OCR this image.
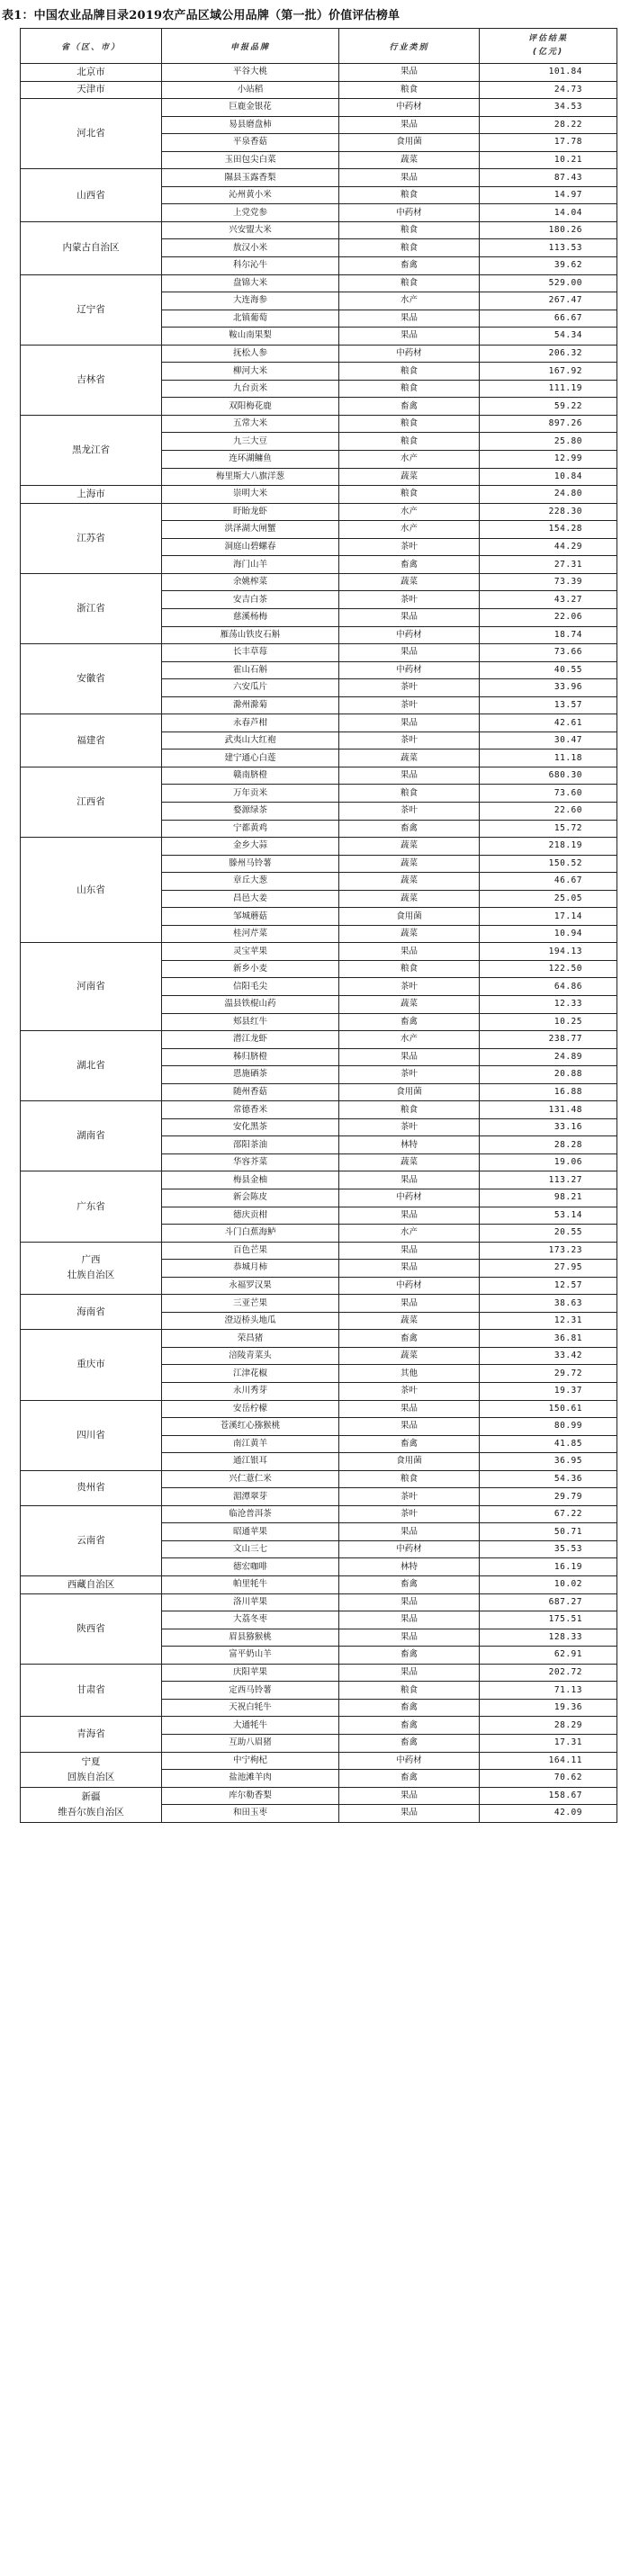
表1：中国农业品牌目录2019农产品区域公用品牌（第一批）价值评估榜单
省（区、市）	申报品牌	行业类别	评估结果
(亿元)

北京市	平谷大桃	果品	101.84

天津市	小站稻	粮食	24.73

河北省	巨鹿金银花	中药材	34.53
	易县磨盘柿	果品	28.22
	平泉香菇	食用菌	17.78
	玉田包尖白菜	蔬菜	10.21

山西省	隰县玉露香梨	果品	87.43
	沁州黄小米	粮食	14.97
	上党党参	中药材	14.04

内蒙古自治区	兴安盟大米	粮食	180.26
	敖汉小米	粮食	113.53
	科尔沁牛	畜禽	39.62

辽宁省	盘锦大米	粮食	529.00
	大连海参	水产	267.47
	北镇葡萄	果品	66.67
	鞍山南果梨	果品	54.34

吉林省	抚松人参	中药材	206.32
	柳河大米	粮食	167.92
	九台贡米	粮食	111.19
	双阳梅花鹿	畜禽	59.22

黑龙江省	五常大米	粮食	897.26
	九三大豆	粮食	25.80
	连环湖鳙鱼	水产	12.99
	梅里斯大八旗洋葱	蔬菜	10.84

上海市	崇明大米	粮食	24.80

江苏省	盱眙龙虾	水产	228.30
	洪泽湖大闸蟹	水产	154.28
	洞庭山碧螺春	茶叶	44.29
	海门山羊	畜禽	27.31

浙江省	余姚榨菜	蔬菜	73.39
	安吉白茶	茶叶	43.27
	慈溪杨梅	果品	22.06
	雁荡山铁皮石斛	中药材	18.74

安徽省	长丰草莓	果品	73.66
	霍山石斛	中药材	40.55
	六安瓜片	茶叶	33.96
	滁州滁菊	茶叶	13.57

福建省	永春芦柑	果品	42.61
	武夷山大红袍	茶叶	30.47
	建宁通心白莲	蔬菜	11.18

江西省	赣南脐橙	果品	680.30
	万年贡米	粮食	73.60
	婺源绿茶	茶叶	22.60
	宁都黄鸡	畜禽	15.72

山东省	金乡大蒜	蔬菜	218.19
	滕州马铃薯	蔬菜	150.52
	章丘大葱	蔬菜	46.67
	昌邑大姜	蔬菜	25.05
	邹城蘑菇	食用菌	17.14
	桂河芹菜	蔬菜	10.94

河南省	灵宝苹果	果品	194.13
	新乡小麦	粮食	122.50
	信阳毛尖	茶叶	64.86
	温县铁棍山药	蔬菜	12.33
	郏县红牛	畜禽	10.25

湖北省	潜江龙虾	水产	238.77
	秭归脐橙	果品	24.89
	恩施硒茶	茶叶	20.88
	随州香菇	食用菌	16.88

湖南省	常德香米	粮食	131.48
	安化黑茶	茶叶	33.16
	邵阳茶油	林特	28.28
	华容芥菜	蔬菜	19.06

广东省	梅县金柚	果品	113.27
	新会陈皮	中药材	98.21
	德庆贡柑	果品	53.14
	斗门白蕉海鲈	水产	20.55

广西
壮族自治区	百色芒果	果品	173.23
	恭城月柿	果品	27.95
	永福罗汉果	中药材	12.57

海南省	三亚芒果	果品	38.63
	澄迈桥头地瓜	蔬菜	12.31

重庆市	荣昌猪	畜禽	36.81
	涪陵青菜头	蔬菜	33.42
	江津花椒	其他	29.72
	永川秀芽	茶叶	19.37

四川省	安岳柠檬	果品	150.61
	苍溪红心猕猴桃	果品	80.99
	南江黄羊	畜禽	41.85
	通江银耳	食用菌	36.95

贵州省	兴仁薏仁米	粮食	54.36
	湄潭翠芽	茶叶	29.79

云南省	临沧普洱茶	茶叶	67.22
	昭通苹果	果品	50.71
	文山三七	中药材	35.53
	德宏咖啡	林特	16.19

西藏自治区	帕里牦牛	畜禽	10.02

陕西省	洛川苹果	果品	687.27
	大荔冬枣	果品	175.51
	眉县猕猴桃	果品	128.33
	富平奶山羊	畜禽	62.91

甘肃省	庆阳苹果	果品	202.72
	定西马铃薯	粮食	71.13
	天祝白牦牛	畜禽	19.36

青海省	大通牦牛	畜禽	28.29
	互助八眉猪	畜禽	17.31

宁夏
回族自治区	中宁枸杞	中药材	164.11
	盐池滩羊肉	畜禽	70.62

新疆
维吾尔族自治区	库尔勒香梨	果品	158.67
	和田玉枣	果品	42.09
